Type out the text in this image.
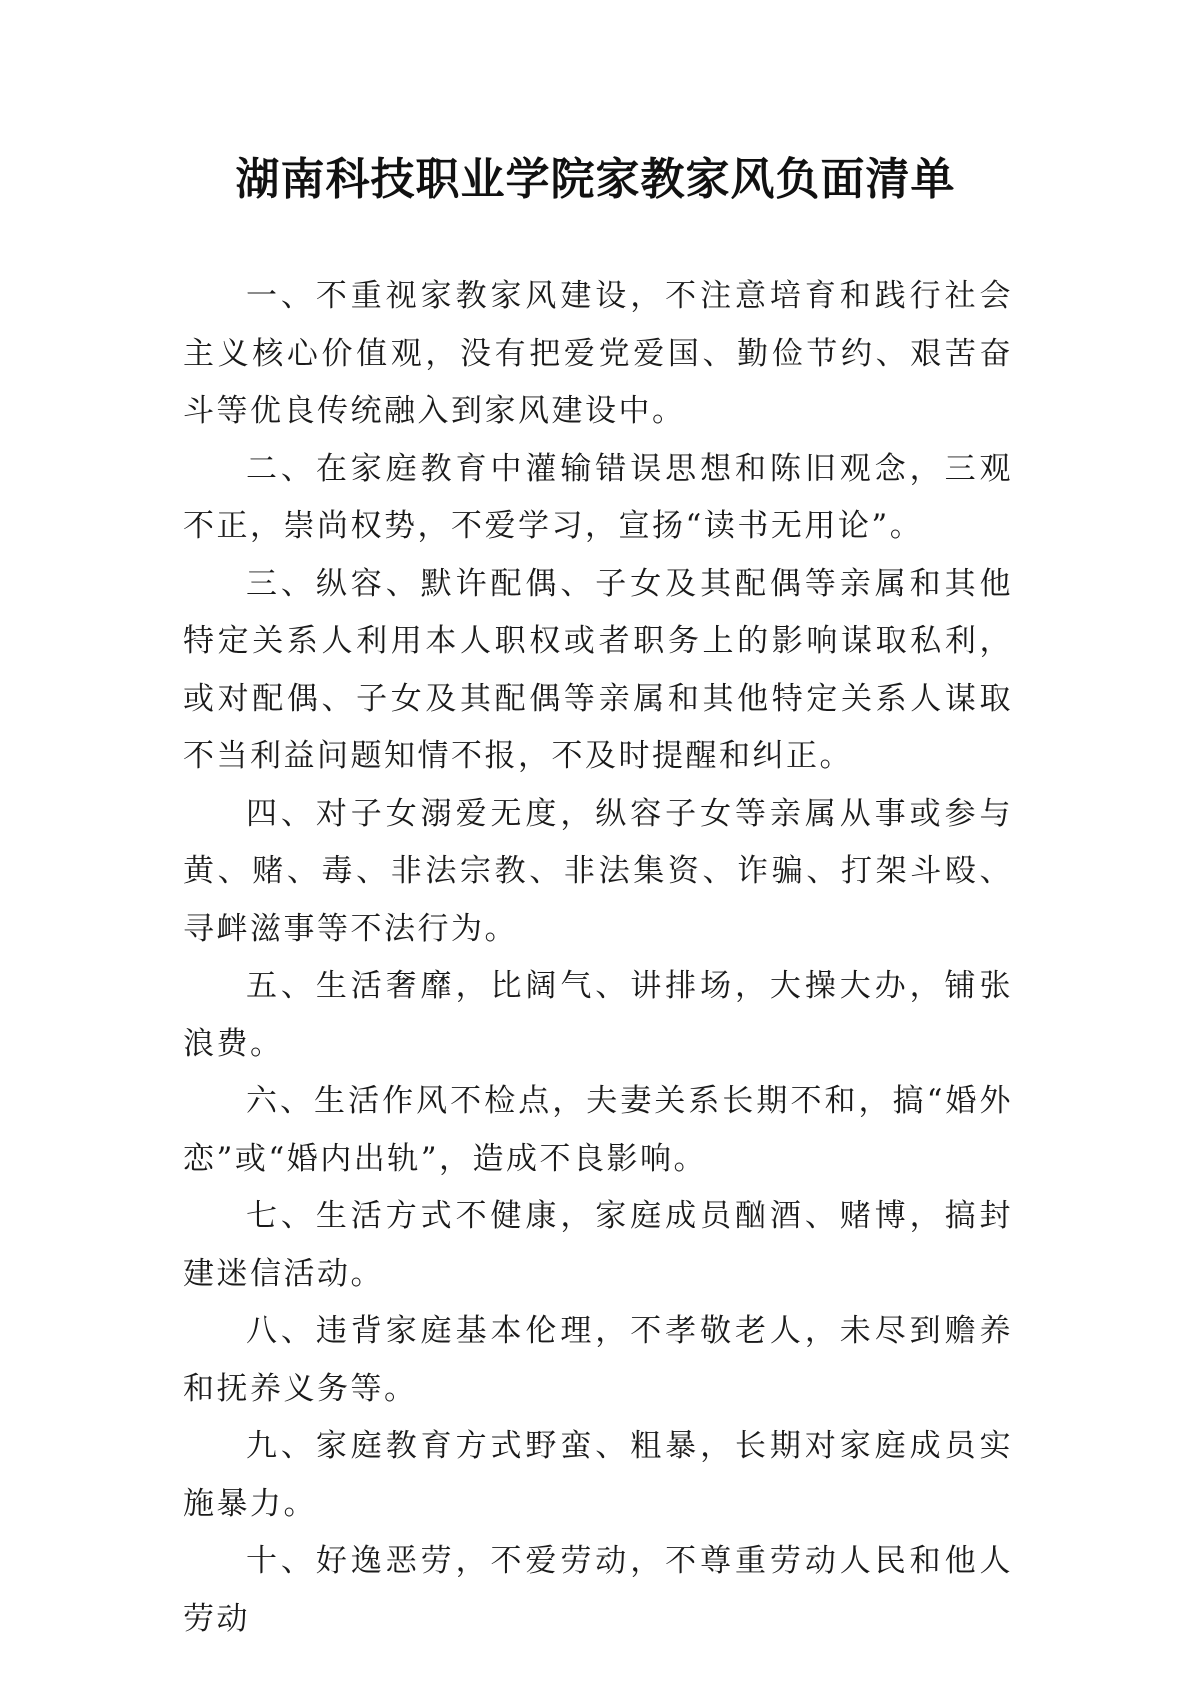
湖南科技职业学院家教家风负面清单

一、不重视家教家风建设，不注意培育和践行社会主义核心价值观，没有把爱党爱国、勤俭节约、艰苦奋斗等优良传统融入到家风建设中。

二、在家庭教育中灌输错误思想和陈旧观念，三观不正，崇尚权势，不爱学习，宣扬“读书无用论”。

三、纵容、默许配偶、子女及其配偶等亲属和其他特定关系人利用本人职权或者职务上的影响谋取私利，或对配偶、子女及其配偶等亲属和其他特定关系人谋取不当利益问题知情不报，不及时提醒和纠正。

四、对子女溺爱无度，纵容子女等亲属从事或参与黄、赌、毒、非法宗教、非法集资、诈骗、打架斗殴、寻衅滋事等不法行为。

五、生活奢靡，比阔气、讲排场，大操大办，铺张浪费。

六、生活作风不检点，夫妻关系长期不和，搞“婚外恋”或“婚内出轨”，造成不良影响。

七、生活方式不健康，家庭成员酗酒、赌博，搞封建迷信活动。

八、违背家庭基本伦理，不孝敬老人，未尽到赡养和抚养义务等。

九、家庭教育方式野蛮、粗暴，长期对家庭成员实施暴力。

十、好逸恶劳，不爱劳动，不尊重劳动人民和他人劳动
